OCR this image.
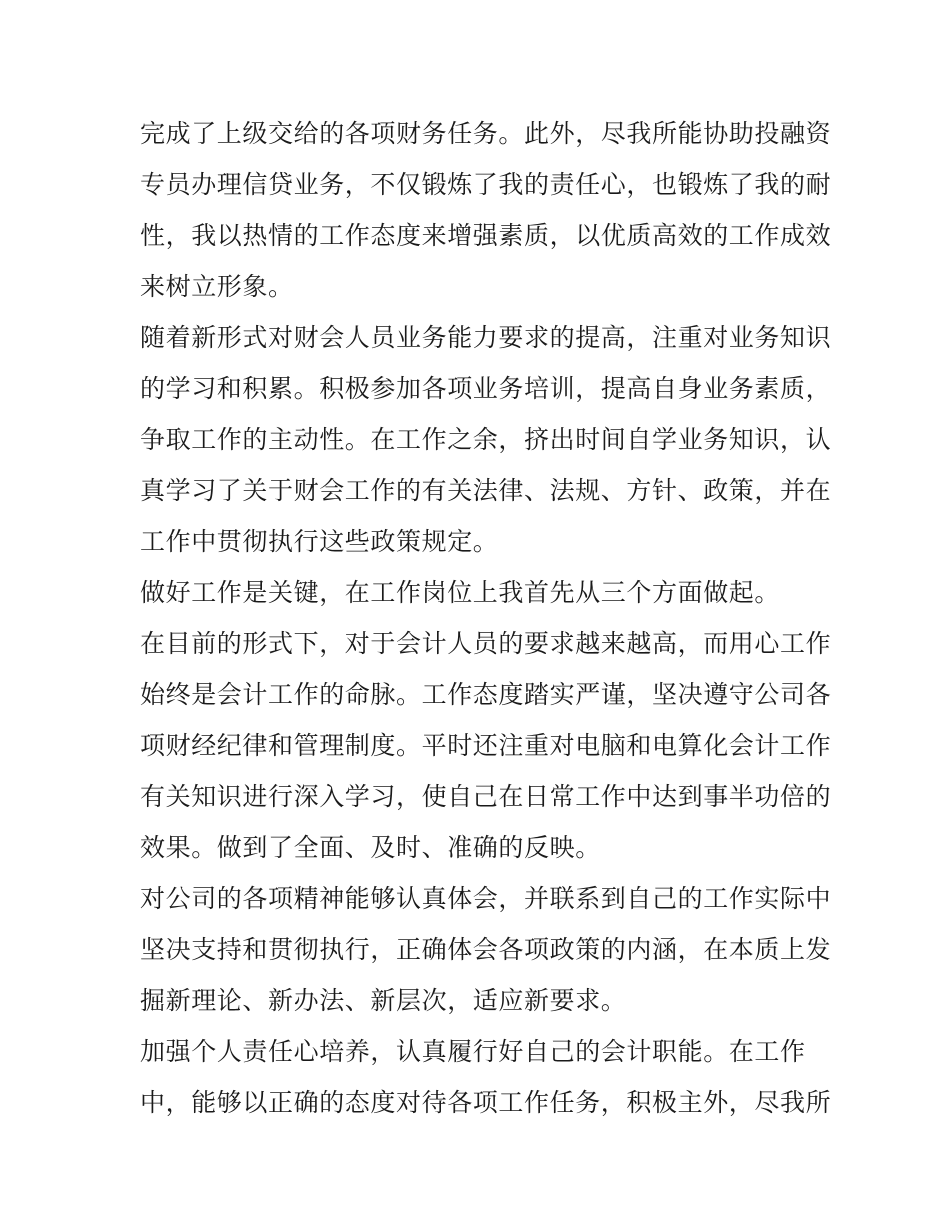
完成了上级交给的各项财务任务。此外，尽我所能协助投融资
专员办理信贷业务，不仅锻炼了我的责任心，也锻炼了我的耐
性，我以热情的工作态度来增强素质，以优质高效的工作成效
来树立形象。
随着新形式对财会人员业务能力要求的提高，注重对业务知识
的学习和积累。积极参加各项业务培训，提高自身业务素质，
争取工作的主动性。在工作之余，挤出时间自学业务知识，认
真学习了关于财会工作的有关法律、法规、方针、政策，并在
工作中贯彻执行这些政策规定。
做好工作是关键，在工作岗位上我首先从三个方面做起。
在目前的形式下，对于会计人员的要求越来越高，而用心工作
始终是会计工作的命脉。工作态度踏实严谨，坚决遵守公司各
项财经纪律和管理制度。平时还注重对电脑和电算化会计工作
有关知识进行深入学习，使自己在日常工作中达到事半功倍的
效果。做到了全面、及时、准确的反映。
对公司的各项精神能够认真体会，并联系到自己的工作实际中
坚决支持和贯彻执行，正确体会各项政策的内涵，在本质上发
掘新理论、新办法、新层次，适应新要求。
加强个人责任心培养，认真履行好自己的会计职能。在工作
中，能够以正确的态度对待各项工作任务，积极主外，尽我所
